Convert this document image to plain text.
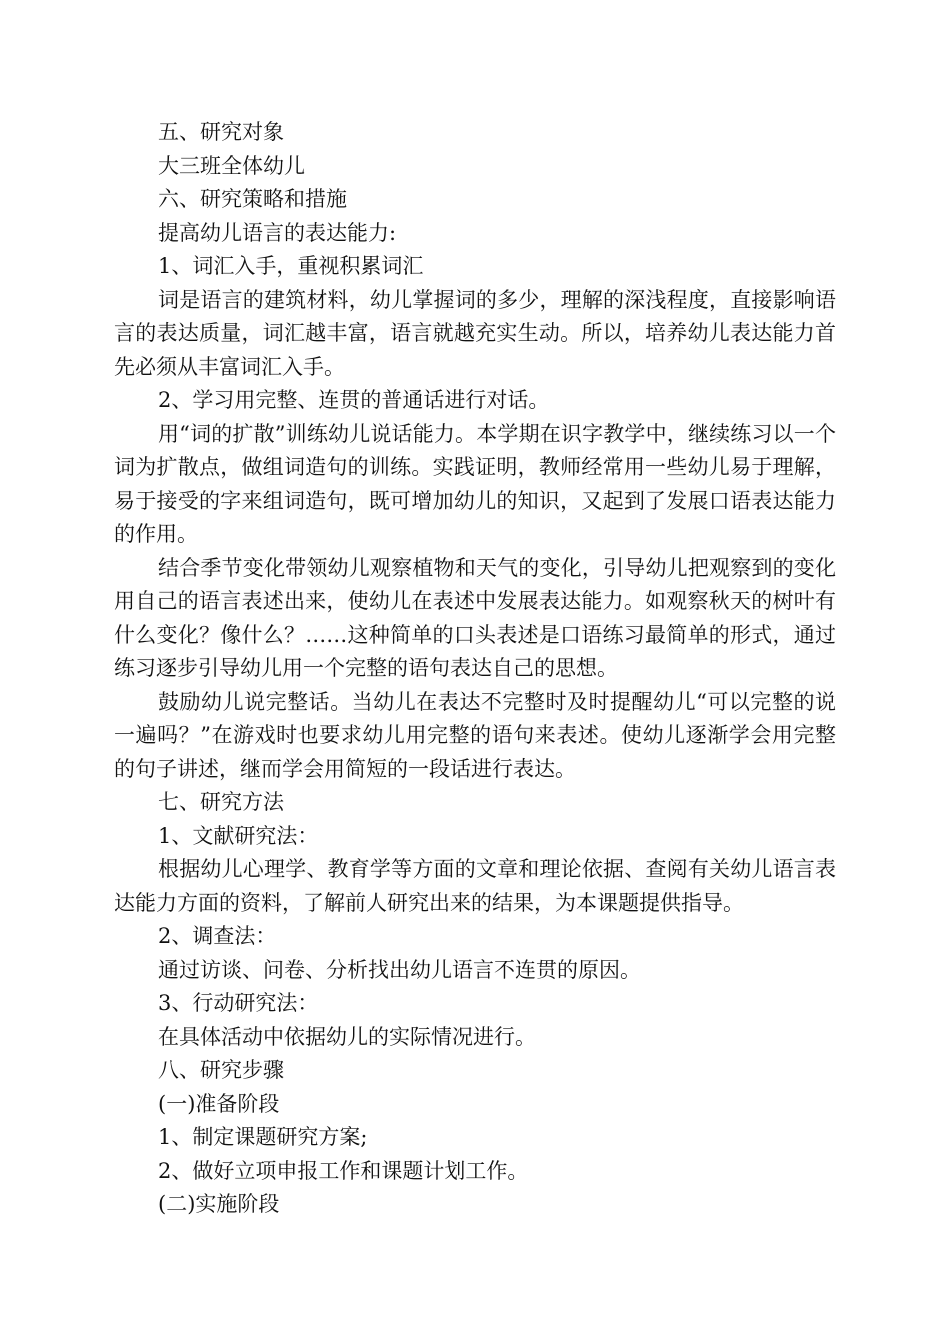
五、研究对象
大三班全体幼儿
六、研究策略和措施
提高幼儿语言的表达能力:
1、词汇入手，重视积累词汇
词是语言的建筑材料，幼儿掌握词的多少，理解的深浅程度，直接影响语言的表达质量，词汇越丰富，语言就越充实生动。所以，培养幼儿表达能力首先必须从丰富词汇入手。
2、学习用完整、连贯的普通话进行对话。
用“词的扩散”训练幼儿说话能力。本学期在识字教学中，继续练习以一个词为扩散点，做组词造句的训练。实践证明，教师经常用一些幼儿易于理解，易于接受的字来组词造句，既可增加幼儿的知识，又起到了发展口语表达能力的作用。
结合季节变化带领幼儿观察植物和天气的变化，引导幼儿把观察到的变化用自己的语言表述出来，使幼儿在表述中发展表达能力。如观察秋天的树叶有什么变化？像什么？……这种简单的口头表述是口语练习最简单的形式，通过练习逐步引导幼儿用一个完整的语句表达自己的思想。
鼓励幼儿说完整话。当幼儿在表达不完整时及时提醒幼儿“可以完整的说一遍吗？”在游戏时也要求幼儿用完整的语句来表述。使幼儿逐渐学会用完整的句子讲述，继而学会用简短的一段话进行表达。
七、研究方法
1、文献研究法：
根据幼儿心理学、教育学等方面的文章和理论依据、查阅有关幼儿语言表达能力方面的资料，了解前人研究出来的结果，为本课题提供指导。
2、调查法：
通过访谈、问卷、分析找出幼儿语言不连贯的原因。
3、行动研究法：
在具体活动中依据幼儿的实际情况进行。
八、研究步骤
(一)准备阶段
1、制定课题研究方案;
2、做好立项申报工作和课题计划工作。
(二)实施阶段
